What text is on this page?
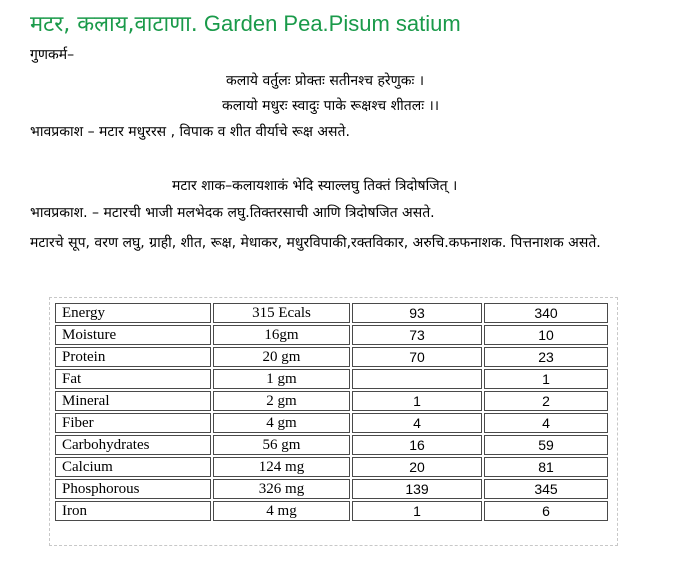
मटर, कलाय,वाटाणा. Garden Pea.Pisum satium
गुणकर्म–
कलाये वर्तुलः प्रोक्तः सतीनश्च हरेणुकः ।
कलायो मधुरः स्वादुः पाके रूक्षश्च शीतलः ।।
भावप्रकाश – मटार मधुररस , विपाक व शीत वीर्याचे रूक्ष असते.
मटार शाक–कलायशाकं भेदि स्याल्लघु तिक्तं त्रिदोषजित् ।
भावप्रकाश. – मटारची भाजी मलभेदक लघु.तिक्तरसाची आणि त्रिदोषजित असते.
मटारचे सूप, वरण लघु, ग्राही, शीत, रूक्ष, मेधाकर, मधुरविपाकी,रक्तविकार, अरुचि.कफनाशक. पित्तनाशक असते.
Energy	315 Ecals	93	340
Moisture	16gm	73	10
Protein	20 gm	70	23
Fat	1 gm		1
Mineral	2 gm	1	2
Fiber	4 gm	4	4
Carbohydrates	56 gm	16	59
Calcium	124 mg	20	81
Phosphorous	326 mg	139	345
Iron	4 mg	1	6
